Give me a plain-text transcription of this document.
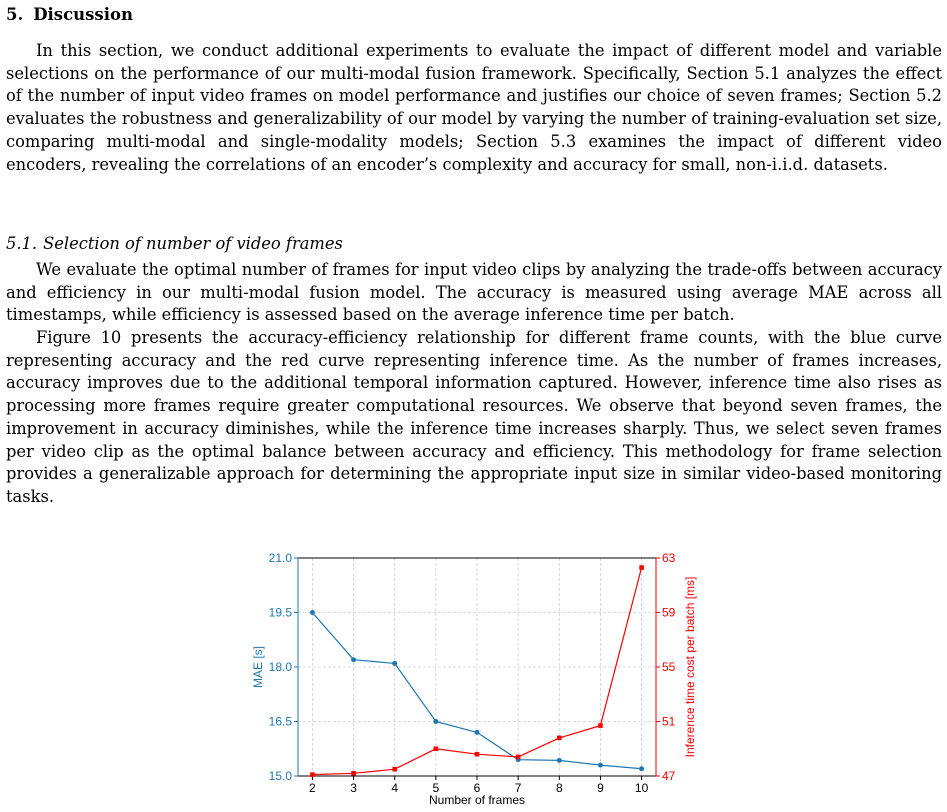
5. Discussion

In this section, we conduct additional experiments to evaluate the impact of different model and variable selections on the performance of our multi-modal fusion framework. Specifically, Section 5.1 analyzes the effect of the number of input video frames on model performance and justifies our choice of seven frames; Section 5.2 evaluates the robustness and generalizability of our model by varying the number of training-evaluation set size, comparing multi-modal and single-modality models; Section 5.3 examines the impact of different video encoders, revealing the correlations of an encoder’s complexity and accuracy for small, non-i.i.d. datasets.

5.1. Selection of number of video frames

We evaluate the optimal number of frames for input video clips by analyzing the trade-offs between accuracy and efficiency in our multi-modal fusion model. The accuracy is measured using average MAE across all timestamps, while efficiency is assessed based on the average inference time per batch.

Figure 10 presents the accuracy-efficiency relationship for different frame counts, with the blue curve representing accuracy and the red curve representing inference time. As the number of frames increases, accuracy improves due to the additional temporal information captured. However, inference time also rises as processing more frames require greater computational resources. We observe that beyond seven frames, the improvement in accuracy diminishes, while the inference time increases sharply. Thus, we select seven frames per video clip as the optimal balance between accuracy and efficiency. This methodology for frame selection provides a generalizable approach for determining the appropriate input size in similar video-based monitoring tasks.

2	3	4	5	6	7	8	9	10
15.0
16.5
18.0
19.5
21.0
47
51
55
59
63
Number of frames
MAE [s]	Inference time cost per batch [ms]
